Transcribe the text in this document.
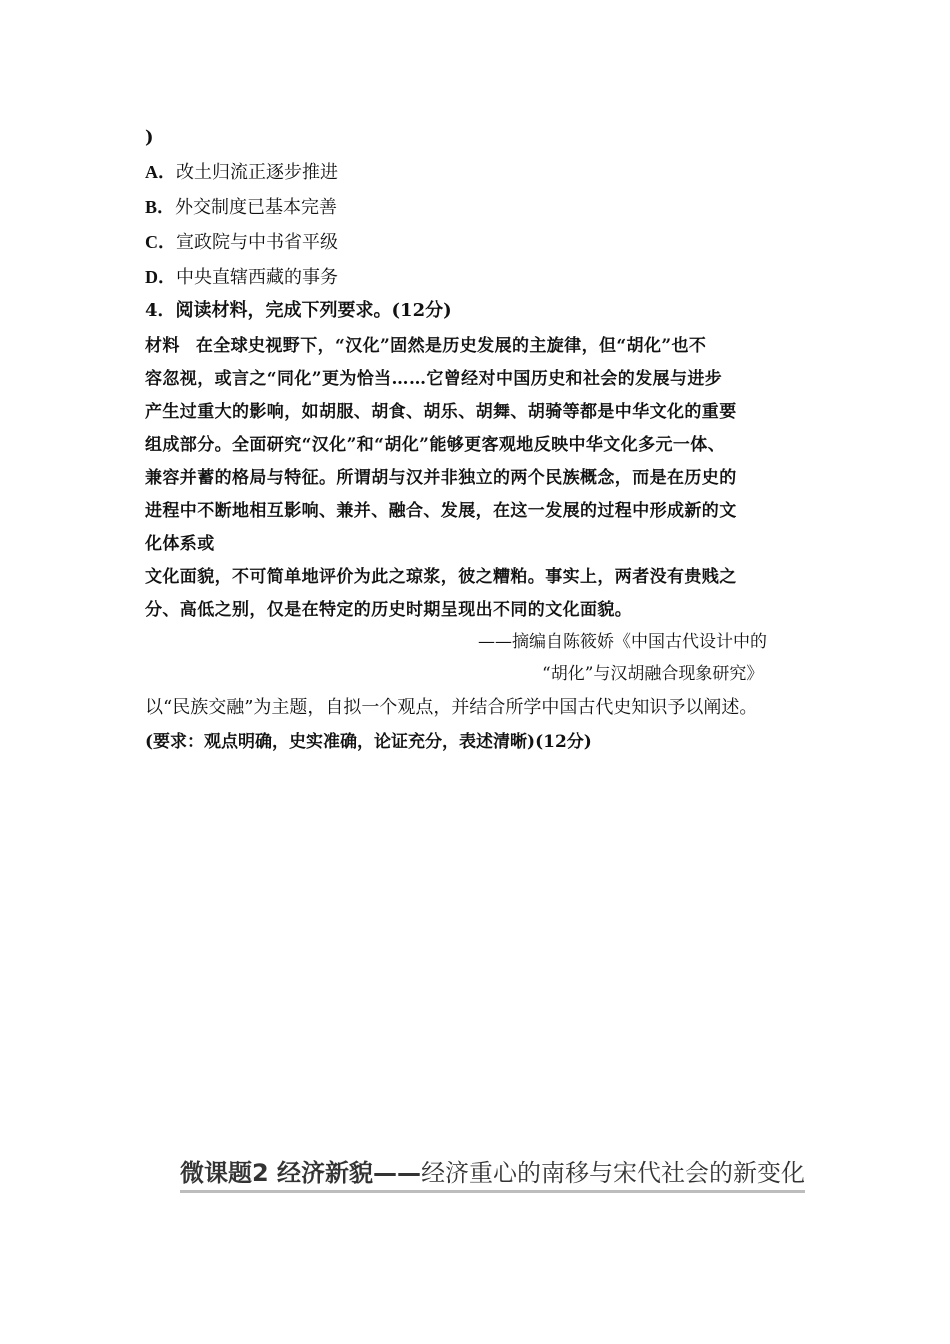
)
A．改土归流正逐步推进
B．外交制度已基本完善
C．宣政院与中书省平级
D．中央直辖西藏的事务
4．阅读材料，完成下列要求。(12分)
材料 在全球史视野下，“汉化”固然是历史发展的主旋律，但“胡化”也不
容忽视，或言之“同化”更为恰当……它曾经对中国历史和社会的发展与进步
产生过重大的影响，如胡服、胡食、胡乐、胡舞、胡骑等都是中华文化的重要
组成部分。全面研究“汉化”和“胡化”能够更客观地反映中华文化多元一体、
兼容并蓄的格局与特征。所谓胡与汉并非独立的两个民族概念，而是在历史的
进程中不断地相互影响、兼并、融合、发展，在这一发展的过程中形成新的文
化体系或
文化面貌，不可简单地评价为此之琼浆，彼之糟粕。事实上，两者没有贵贱之
分、高低之别，仅是在特定的历史时期呈现出不同的文化面貌。
——摘编自陈筱娇《中国古代设计中的
“胡化”与汉胡融合现象研究》
以“民族交融”为主题，自拟一个观点，并结合所学中国古代史知识予以阐述。
(要求：观点明确，史实准确，论证充分，表述清晰)(12分)
微课题2 经济新貌——经济重心的南移与宋代社会的新变化
